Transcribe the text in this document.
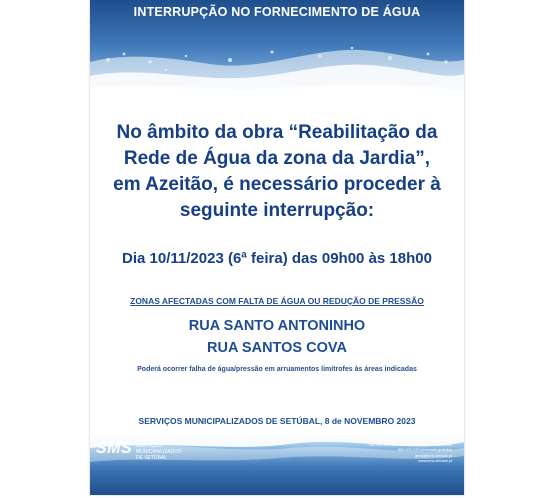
INTERRUPÇÃO NO FORNECIMENTO DE ÁGUA
No âmbito da obra “Reabilitação da
Rede de Água da zona da Jardia”,
em Azeitão, é necessário proceder à
seguinte interrupção:
Dia 10/11/2023 (6ª feira) das 09h00 às 18h00
ZONAS AFECTADAS COM FALTA DE ÁGUA OU REDUÇÃO DE PRESSÃO
RUA SANTO ANTONINHO
RUA SANTOS COVA
Poderá ocorrer falha de água/pressão em arruamentos limítrofes às áreas indicadas
SERVIÇOS MUNICIPALIZADOS DE SETÚBAL, 8 de NOVEMBRO 2023
SMS SERVIÇOS
MUNICIPALIZADOS
DE SETÚBAL
Linhas de apoio ao cliente:
265 000 020 (chamada para a rede fixa nacional)
800 200 132 (chamada gratuita)
geral@sms-setubal.pt
www.sms-setubal.pt
